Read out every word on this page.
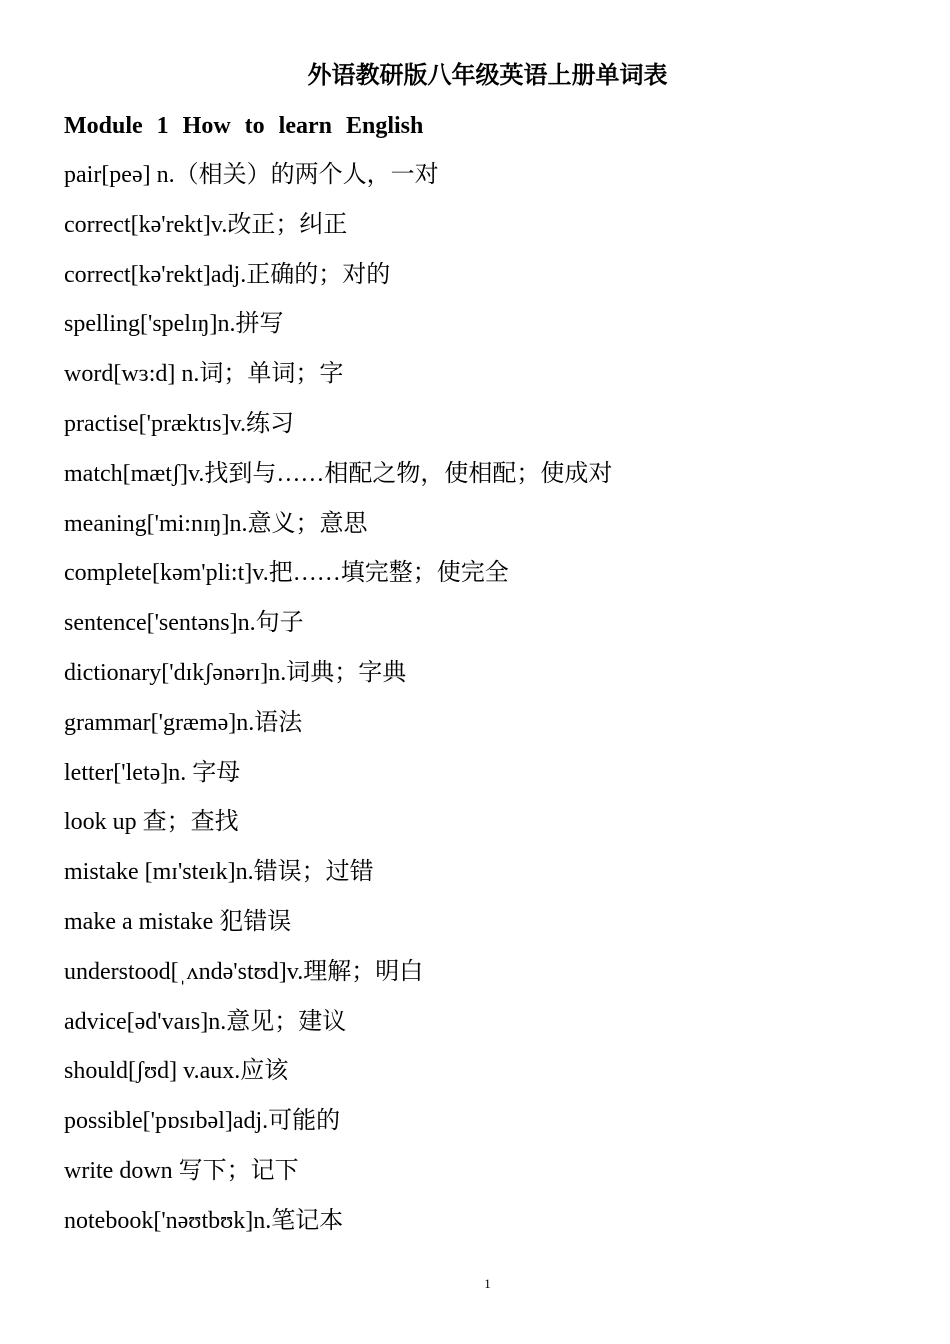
外语教研版八年级英语上册单词表
Module 1 How to learn English
pair[peə] n.（相关）的两个人，一对
correct[kə'rekt]v.改正；纠正
correct[kə'rekt]adj.正确的；对的
spelling['spelɪŋ]n.拼写
word[wɜ:d] n.词；单词；字
practise['præktɪs]v.练习
match[mætʃ]v.找到与……相配之物，使相配；使成对
meaning['mi:nɪŋ]n.意义；意思
complete[kəm'pli:t]v.把……填完整；使完全
sentence['sentəns]n.句子
dictionary['dɪkʃənərɪ]n.词典；字典
grammar['græmə]n.语法
letter['letə]n. 字母
look up 查；查找
mistake [mɪ'steɪk]n.错误；过错
make a mistake 犯错误
understood[ˌʌndə'stʊd]v.理解；明白
advice[əd'vaɪs]n.意见；建议
should[ʃʊd] v.aux.应该
possible['pɒsɪbəl]adj.可能的
write down 写下；记下
notebook['nəʊtbʊk]n.笔记本
1
